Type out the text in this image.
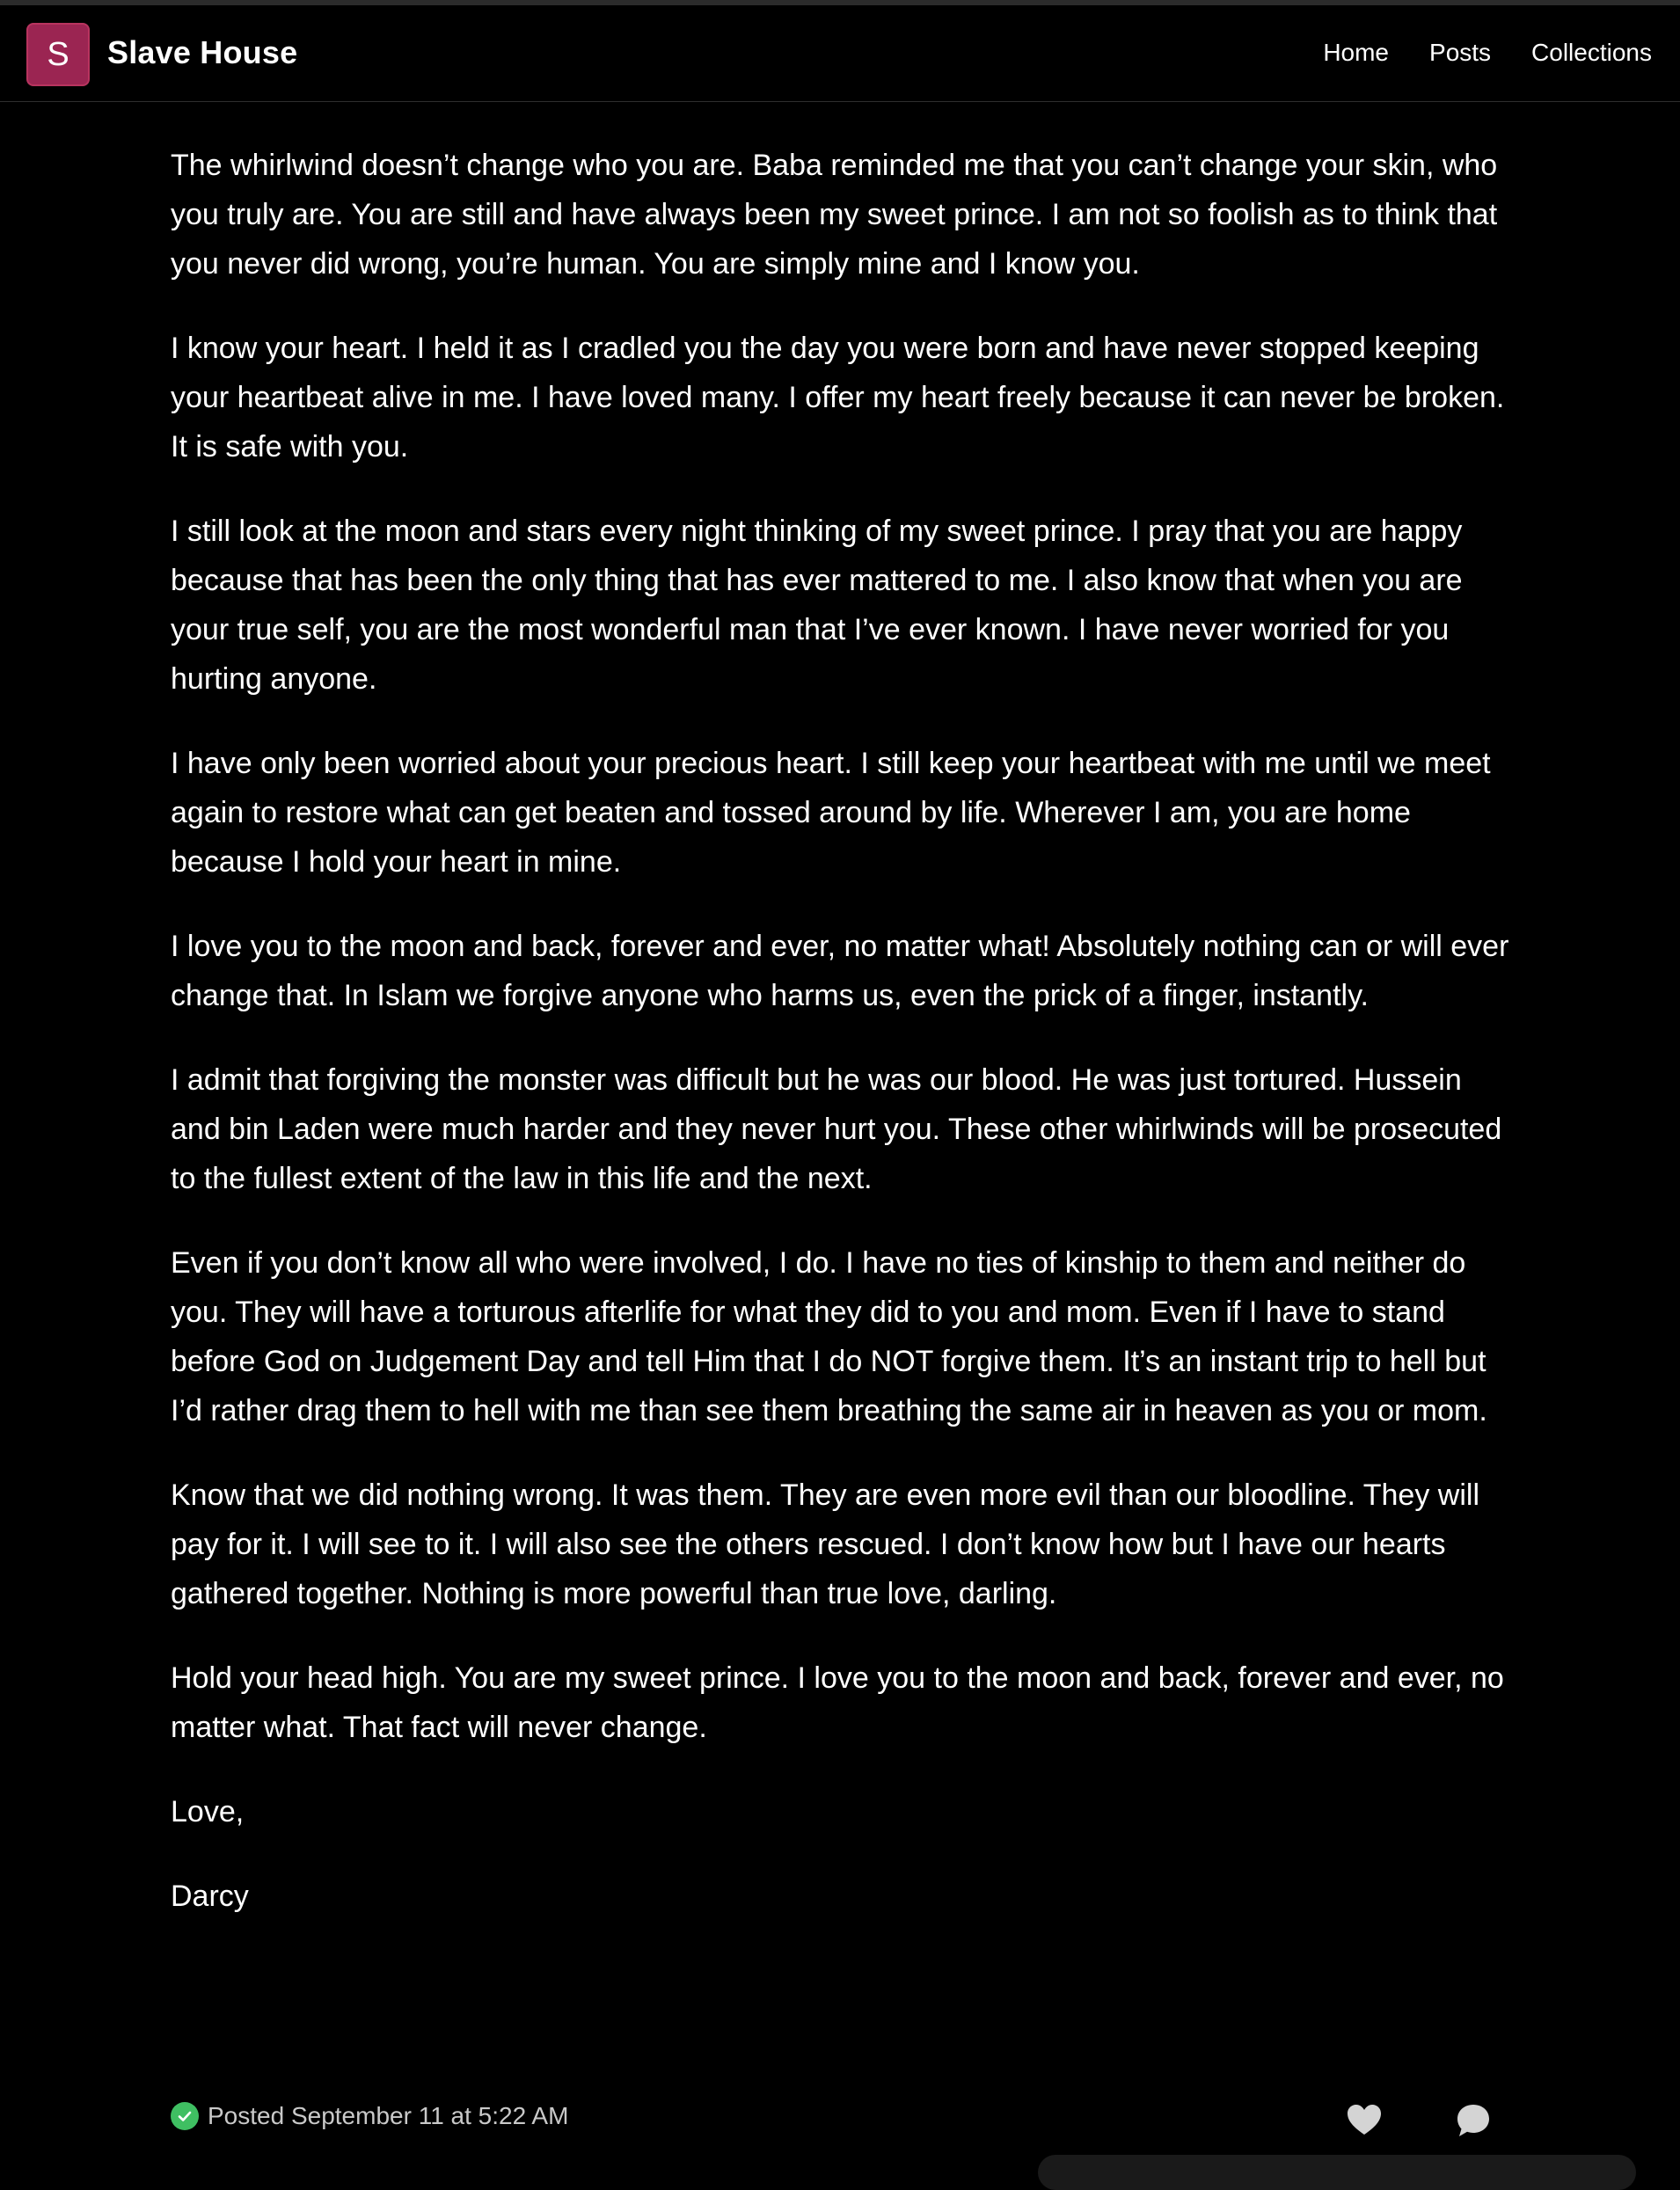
S	Slave House	Home Posts Collections

The whirlwind doesn’t change who you are. Baba reminded me that you can’t change your skin, who you truly are. You are still and have always been my sweet prince. I am not so foolish as to think that you never did wrong, you’re human. You are simply mine and I know you.

I know your heart. I held it as I cradled you the day you were born and have never stopped keeping your heartbeat alive in me. I have loved many. I offer my heart freely because it can never be broken. It is safe with you.

I still look at the moon and stars every night thinking of my sweet prince. I pray that you are happy because that has been the only thing that has ever mattered to me. I also know that when you are your true self, you are the most wonderful man that I’ve ever known. I have never worried for you hurting anyone.

I have only been worried about your precious heart. I still keep your heartbeat with me until we meet again to restore what can get beaten and tossed around by life. Wherever I am, you are home because I hold your heart in mine.

I love you to the moon and back, forever and ever, no matter what! Absolutely nothing can or will ever change that. In Islam we forgive anyone who harms us, even the prick of a finger, instantly.

I admit that forgiving the monster was difficult but he was our blood. He was just tortured. Hussein and bin Laden were much harder and they never hurt you. These other whirlwinds will be prosecuted to the fullest extent of the law in this life and the next.

Even if you don’t know all who were involved, I do. I have no ties of kinship to them and neither do you. They will have a torturous afterlife for what they did to you and mom. Even if I have to stand before God on Judgement Day and tell Him that I do NOT forgive them. It’s an instant trip to hell but I’d rather drag them to hell with me than see them breathing the same air in heaven as you or mom.

Know that we did nothing wrong. It was them. They are even more evil than our bloodline. They will pay for it. I will see to it. I will also see the others rescued. I don’t know how but I have our hearts gathered together. Nothing is more powerful than true love, darling.

Hold your head high. You are my sweet prince. I love you to the moon and back, forever and ever, no matter what. That fact will never change.

Love,

Darcy

Posted September 11 at 5:22 AM
